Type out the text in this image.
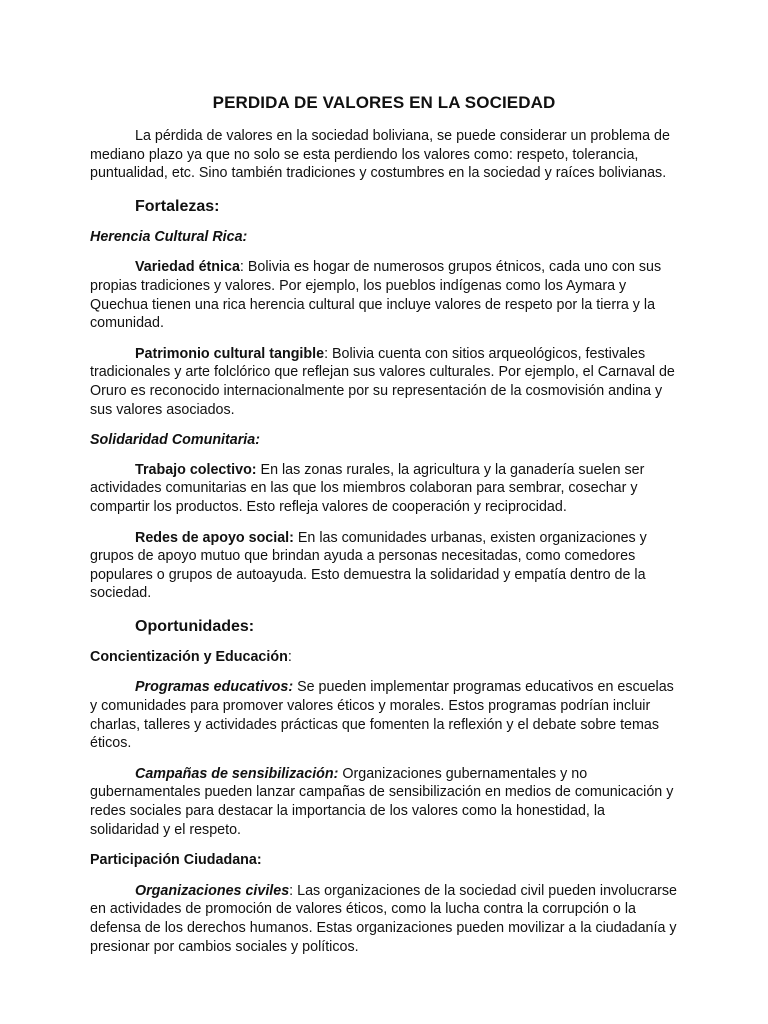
PERDIDA DE VALORES EN LA SOCIEDAD

La pérdida de valores en la sociedad boliviana, se puede considerar un problema de mediano plazo ya que no solo se esta perdiendo los valores como: respeto, tolerancia, puntualidad, etc. Sino también tradiciones y costumbres en la sociedad y raíces bolivianas.

Fortalezas:

Herencia Cultural Rica:

Variedad étnica: Bolivia es hogar de numerosos grupos étnicos, cada uno con sus propias tradiciones y valores. Por ejemplo, los pueblos indígenas como los Aymara y Quechua tienen una rica herencia cultural que incluye valores de respeto por la tierra y la comunidad.

Patrimonio cultural tangible: Bolivia cuenta con sitios arqueológicos, festivales tradicionales y arte folclórico que reflejan sus valores culturales. Por ejemplo, el Carnaval de Oruro es reconocido internacionalmente por su representación de la cosmovisión andina y sus valores asociados.

Solidaridad Comunitaria:

Trabajo colectivo: En las zonas rurales, la agricultura y la ganadería suelen ser actividades comunitarias en las que los miembros colaboran para sembrar, cosechar y compartir los productos. Esto refleja valores de cooperación y reciprocidad.

Redes de apoyo social: En las comunidades urbanas, existen organizaciones y grupos de apoyo mutuo que brindan ayuda a personas necesitadas, como comedores populares o grupos de autoayuda. Esto demuestra la solidaridad y empatía dentro de la sociedad.

Oportunidades:

Concientización y Educación:

Programas educativos: Se pueden implementar programas educativos en escuelas y comunidades para promover valores éticos y morales. Estos programas podrían incluir charlas, talleres y actividades prácticas que fomenten la reflexión y el debate sobre temas éticos.

Campañas de sensibilización: Organizaciones gubernamentales y no gubernamentales pueden lanzar campañas de sensibilización en medios de comunicación y redes sociales para destacar la importancia de los valores como la honestidad, la solidaridad y el respeto.

Participación Ciudadana:

Organizaciones civiles: Las organizaciones de la sociedad civil pueden involucrarse en actividades de promoción de valores éticos, como la lucha contra la corrupción o la defensa de los derechos humanos. Estas organizaciones pueden movilizar a la ciudadanía y presionar por cambios sociales y políticos.
